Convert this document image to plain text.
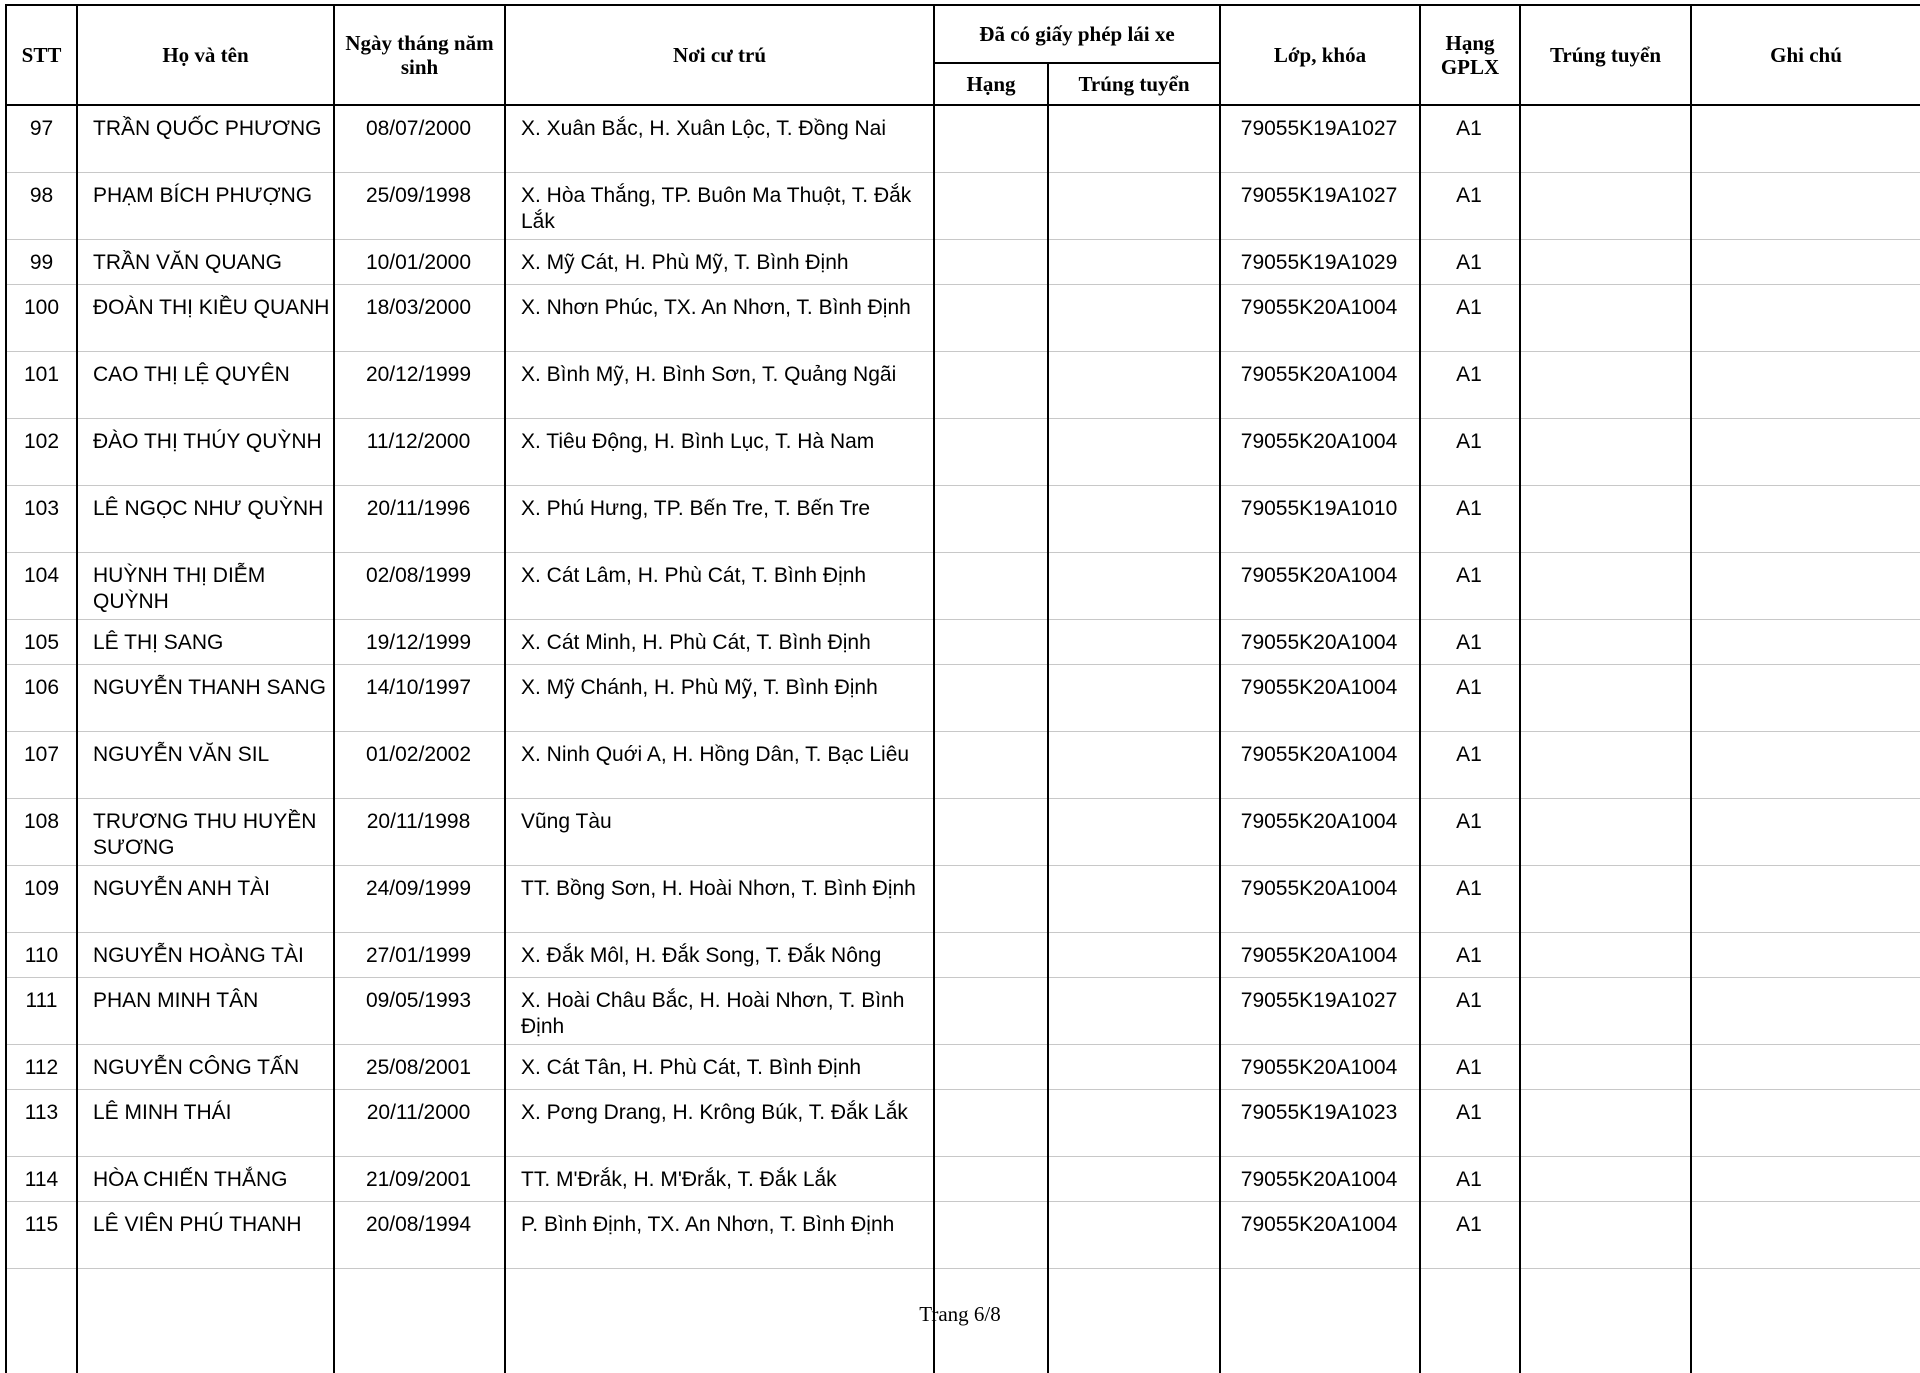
STT	Họ và tên	Ngày tháng năm sinh	Nơi cư trú	Đã có giấy phép lái xe		Lớp, khóa	Hạng GPLX	Trúng tuyển	Ghi chú
				Hạng	Trúng tuyển				
97	TRẦN QUỐC PHƯƠNG	08/07/2000	X. Xuân Bắc, H. Xuân Lộc, T. Đồng Nai			79055K19A1027	A1		
98	PHẠM BÍCH PHƯỢNG	25/09/1998	X. Hòa Thắng, TP. Buôn Ma Thuột, T. Đắk Lắk			79055K19A1027	A1		
99	TRẦN VĂN QUANG	10/01/2000	X. Mỹ Cát, H. Phù Mỹ, T. Bình Định			79055K19A1029	A1		
100	ĐOÀN THỊ KIỀU QUANH	18/03/2000	X. Nhơn Phúc, TX. An Nhơn, T. Bình Định			79055K20A1004	A1		
101	CAO THỊ LỆ QUYÊN	20/12/1999	X. Bình Mỹ, H. Bình Sơn, T. Quảng Ngãi			79055K20A1004	A1		
102	ĐÀO THỊ THÚY QUỲNH	11/12/2000	X. Tiêu Động, H. Bình Lục, T. Hà Nam			79055K20A1004	A1		
103	LÊ NGỌC NHƯ QUỲNH	20/11/1996	X. Phú Hưng, TP. Bến Tre, T. Bến Tre			79055K19A1010	A1		
104	HUỲNH THỊ DIỄM QUỲNH	02/08/1999	X. Cát Lâm, H. Phù Cát, T. Bình Định			79055K20A1004	A1		
105	LÊ THỊ SANG	19/12/1999	X. Cát Minh, H. Phù Cát, T. Bình Định			79055K20A1004	A1		
106	NGUYỄN THANH SANG	14/10/1997	X. Mỹ Chánh, H. Phù Mỹ, T. Bình Định			79055K20A1004	A1		
107	NGUYỄN VĂN SIL	01/02/2002	X. Ninh Quới A, H. Hồng Dân, T. Bạc Liêu			79055K20A1004	A1		
108	TRƯƠNG THU HUYỀN SƯƠNG	20/11/1998	Vũng Tàu			79055K20A1004	A1		
109	NGUYỄN ANH TÀI	24/09/1999	TT. Bồng Sơn, H. Hoài Nhơn, T. Bình Định			79055K20A1004	A1		
110	NGUYỄN HOÀNG TÀI	27/01/1999	X. Đắk Môl, H. Đắk Song, T. Đắk Nông			79055K20A1004	A1		
111	PHAN MINH TÂN	09/05/1993	X. Hoài Châu Bắc, H. Hoài Nhơn, T. Bình Định			79055K19A1027	A1		
112	NGUYỄN CÔNG TẤN	25/08/2001	X. Cát Tân, H. Phù Cát, T. Bình Định			79055K20A1004	A1		
113	LÊ MINH THÁI	20/11/2000	X. Pơng Drang, H. Krông Búk, T. Đắk Lắk			79055K19A1023	A1		
114	HÒA CHIẾN THẮNG	21/09/2001	TT. M'Đrắk, H. M'Đrắk, T. Đắk Lắk			79055K20A1004	A1		
115	LÊ VIÊN PHÚ THANH	20/08/1994	P. Bình Định, TX. An Nhơn, T. Bình Định			79055K20A1004	A1		

Trang 6/8
